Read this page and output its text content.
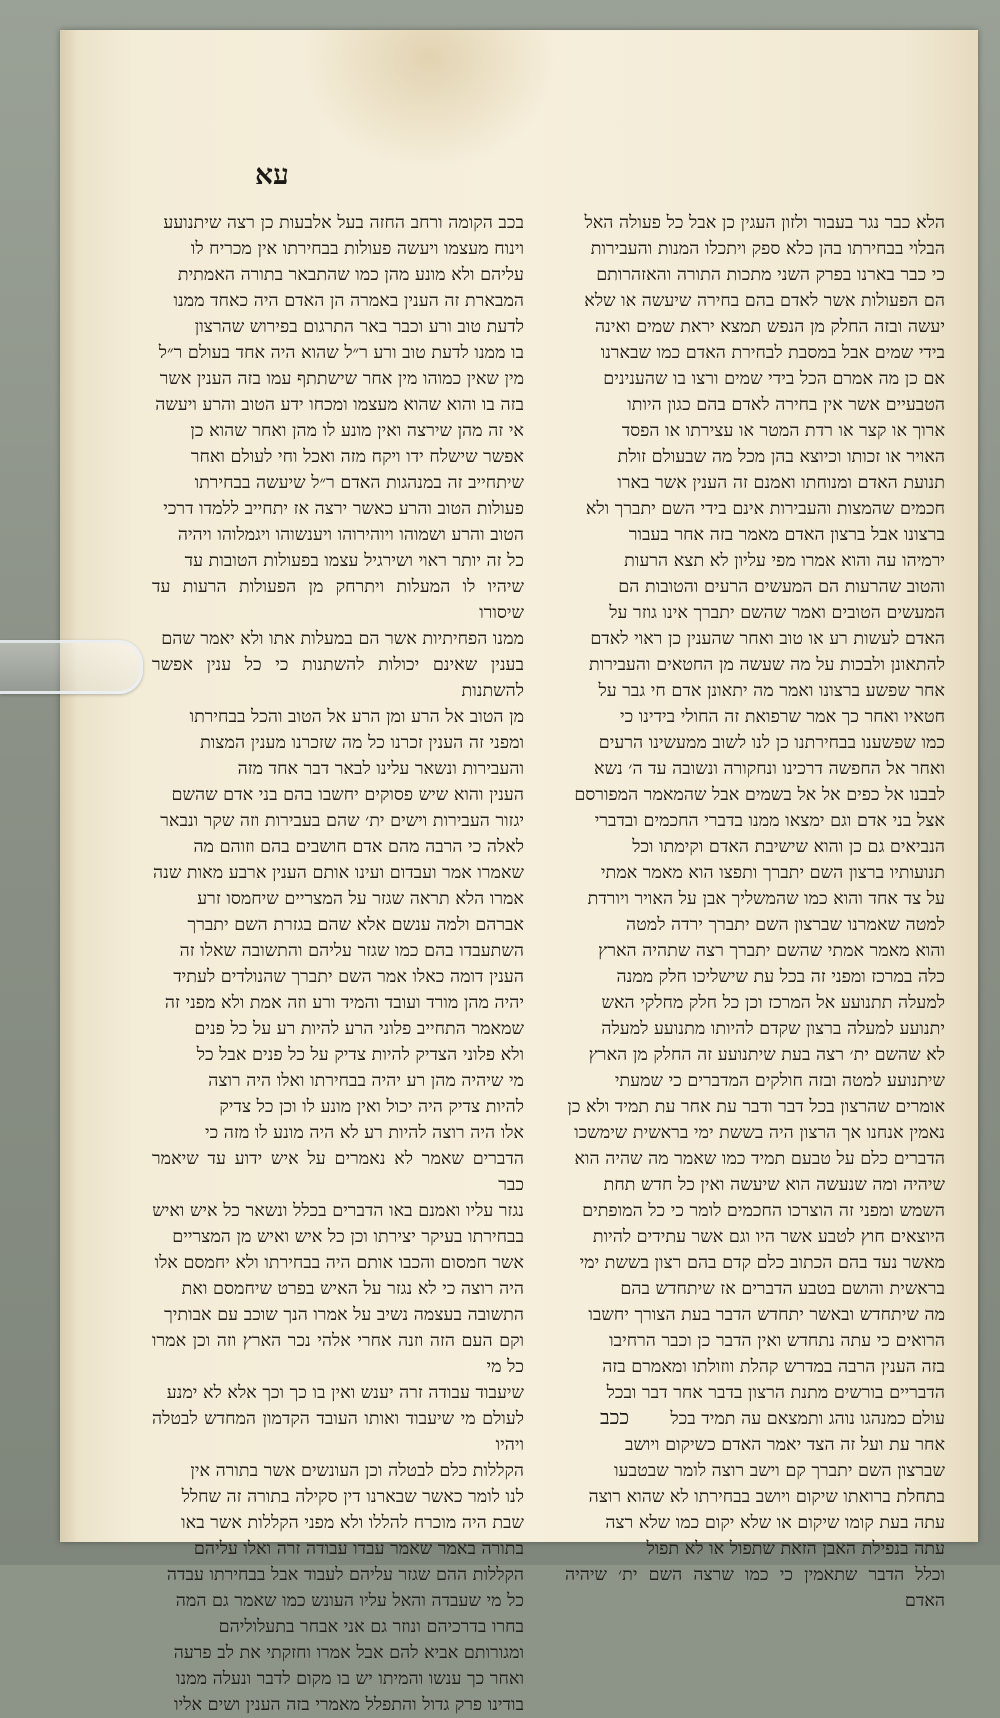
עא

הלא כבר נגר בעבור ולזון העגין כן אבל כל פעולה האל
הבלוי בבחירתו בהן כלא ספק ויתכלו המנות והעבירות
כי כבר בארנו בפרק השני מתכות התורה והאזהרותם
הם הפעולות אשר לאדם בהם בחירה שיעשה או שלא
יעשה ובזה החלק מן הנפש תמצא יראת שמים ואינה
בידי שמים אבל במסבת לבחירת האדם כמו שבארנו
אם כן מה אמרם הכל בידי שמים ורצו בו שהענינים
הטבעיים אשר אין בחירה לאדם בהם כגון היותו
ארוך או קצר או רדת המטר או עצירתו או הפסד
האויר או זכותו וכיוצא בהן מכל מה שבעולם זולת
תנועת האדם ומנוחתו ואמנם זה הענין אשר בארו
חכמים שהמצות והעבירות אינם בידי השם יתברך ולא
ברצונו אבל ברצון האדם מאמר בזה אחר בעבור
ירמיהו עה והוא אמרו מפי עליון לא תצא הרעות
והטוב שהרעות הם המעשים הרעים והטובות הם
המעשים הטובים ואמר שהשם יתברך אינו גוזר על
האדם לעשות רע או טוב ואחר שהענין כן ראוי לאדם
להתאונן ולבכות על מה שעשה מן החטאים והעבירות
אחר שפשע ברצונו ואמר מה יתאונן אדם חי גבר על
חטאיו ואחר כך אמר שרפואת זה החולי בידינו כי
כמו שפשענו בבחירתנו כן לנו לשוב ממעשינו הרעים
ואחר אל החפשה דרכינו ונחקורה ונשובה עד ה׳ נשא
לבבנו אל כפים אל אל בשמים אבל שהמאמר המפורסם
אצל בני אדם וגם ימצאו ממנו בדברי החכמים ובדברי
הנביאים גם כן והוא שישיבת האדם וקימתו וכל
תנועותיו ברצון השם יתברך ותפצו הוא מאמר אמתי
על צד אחד והוא כמו שהמשליך אבן על האויר ויורדת
למטה שאמרנו שברצון השם יתברך ירדה למטה
והוא מאמר אמתי שהשם יתברך רצה שתהיה הארץ
כלה במרכז ומפני זה בכל עת שישליכו חלק ממנה
למעלה תתנועע אל המרכז וכן כל חלק מחלקי האש
יתנועע למעלה ברצון שקדם להיותו מתנועע למעלה
לא שהשם ית׳ רצה בעת שיתנועע זה החלק מן הארץ
שיתנועע למטה ובזה חולקים המדברים כי שמעתי
אומרים שהרצון בכל דבר ודבר עת אחר עת תמיד ולא כן
נאמין אנחנו אך הרצון היה בששת ימי בראשית שימשכו
הדברים כלם על טבעם תמיד כמו שאמר מה שהיה הוא
שיהיה ומה שנעשה הוא שיעשה ואין כל חדש תחת
השמש ומפני זה הוצרכו החכמים לומר כי כל המופתים
היוצאים חוץ לטבע אשר היו וגם אשר עתידים להיות
מאשר נעד בהם הכתוב כלם קדם בהם רצון בששת ימי
בראשית והושם בטבע הדברים אז שיתחדש בהם
מה שיתחדש ובאשר יתחדש הדבר בעת הצורך יחשבו
הרואים כי עתה נתחדש ואין הדבר כן וכבר הרחיבו
בזה הענין הרבה במדרש קהלת ווזולתו ומאמרם בזה
הדבריים בורשים מתנת הרצון בדבר אחר דבר ובכל
עולם כמנהגו נוהג ותמצאם עה תמיד בכל
אחר עת ועל זה הצד יאמר האדם כשיקום ויושב
שברצון השם יתברך קם וישב רוצה לומר שבטבעו
בתחלת ברואתו שיקום ויושב בבחירתו לא שהוא רוצה
עתה בעת קומו שיקום או שלא יקום כמו שלא רצה
עתה בנפילת האבן הזאת שתפול או לא תפול
וכלל הדבר שתאמין כי כמו שרצה השם ית׳ שיהיה האדם

בכב הקומה ורחב החזה בעל אלבעות כן רצה שיתנועע
וינוח מעצמו ויעשה פעולות בבחירתו אין מכריח לו
עליהם ולא מונע מהן כמו שהתבאר בתורה האמתית
המבארת זה הענין באמרה הן האדם היה כאחד ממנו
לדעת טוב ורע וכבר באר התרגום בפירוש שהרצון
בו ממנו לדעת טוב ורע ר״ל שהוא היה אחד בעולם ר״ל
מין שאין כמוהו מין אחר שישתתף עמו בזה הענין אשר
בזה בו והוא שהוא מעצמו ומכחו ידע הטוב והרע ויעשה
אי זה מהן שירצה ואין מונע לו מהן ואחר שהוא כן
אפשר שישלח ידו ויקח מזה ואכל וחי לעולם ואחר
שיתחייב זה במנהגות האדם ר״ל שיעשה בבחירתו
פעולות הטוב והרע כאשר ירצה אז יתחייב ללמדו דרכי
הטוב והרע ושמוהו ויוהירוהו ויענשוהו ויגמלוהו ויהיה
כל זה יותר ראוי ושירגיל עצמו בפעולות הטובות עד
שיהיו לו המעלות ויתרחק מן הפעולות הרעות עד שיסורו
ממנו הפחיתיות אשר הם במעלות אתו ולא יאמר שהם
בענין שאינם יכולות להשתנות כי כל ענין אפשר להשתנות
מן הטוב אל הרע ומן הרע אל הטוב והכל בבחירתו
ומפני זה הענין זכרנו כל מה שזכרנו מענין המצות
והעבירות ונשאר עלינו לבאר דבר אחד מזה
הענין והוא שיש פסוקים יחשבו בהם בני אדם שהשם
יגזור העבירות וישים ית׳ שהם בעבירות וזה שקר ונבאר
לאלה כי הרבה מהם אדם חושבים בהם וזוהם מה
שאמרו אמר ועבדום ועינו אותם הענין ארבע מאות שנה
אמרו הלא תראה שגזר על המצריים שיחמסו זרע
אברהם ולמה ענשם אלא שהם בגזרת השם יתברך
השתעבדו בהם כמו שגזר עליהם והתשובה שאלו זה
הענין דומה כאלו אמר השם יתברך שהנולדים לעתיד
יהיה מהן מורד ועובד והמיד ורע וזה אמת ולא מפני זה
שמאמר התחייב פלוני הרע להיות רע על כל פנים
ולא פלוני הצדיק להיות צדיק על כל פנים אבל כל
מי שיהיה מהן רע יהיה בבחירתו ואלו היה רוצה
להיות צדיק היה יכול ואין מונע לו וכן כל צדיק
אלו היה רוצה להיות רע לא היה מונע לו מזה כי
הדברים שאמר לא נאמרים על איש ידוע עד שיאמר כבר
נגזר עליו ואמנם באו הדברים בכלל ונשאר כל איש ואיש
בבחירתו בעיקר יצירתו וכן כל איש ואיש מן המצריים
אשר חמסום והכבו אותם היה בבחירתו ולא יחמסם אלו
היה רוצה כי לא נגזר על האיש בפרט שיחמסם ואת
התשובה בעצמה נשיב על אמרו הנך שוכב עם אבותיך
וקם העם הזה וזנה אחרי אלהי נכר הארץ וזה וכן אמרו כל מי
שיעבוד עבודה זרה יענש ואין בו כך וכך אלא לא ימנע
לעולם מי שיעבוד ואותו העובד הקדמון המחדש לבטלה ויהיו
הקללות כלם לבטלה וכן העונשים אשר בתורה אין
לנו לומר כאשר שבארנו דין סקילה בתורה זה שחלל
שבת היה מוכרח להללו ולא מפני הקללות אשר באו
בתורה באמר שאמר עבדו עבודה זרה ואלו עליהם
הקללות ההם שגזר עליהם לעבוד אבל בבחירתו עבדה
כל מי שעבדה והאל עליו העונש כמו שאמר גם המה
בחרו בדרכיהם ונוזר גם אני אבחר בתעלוליהם
ומגורותם אביא להם אבל אמרו וחזקתי את לב פרעה
ואחר כך ענשו והמיתו יש בו מקום לדבר ונעלה ממנו
בודינו פרק גדול והתפלל מאמרי בזה הענין ושים אליו

ככב
